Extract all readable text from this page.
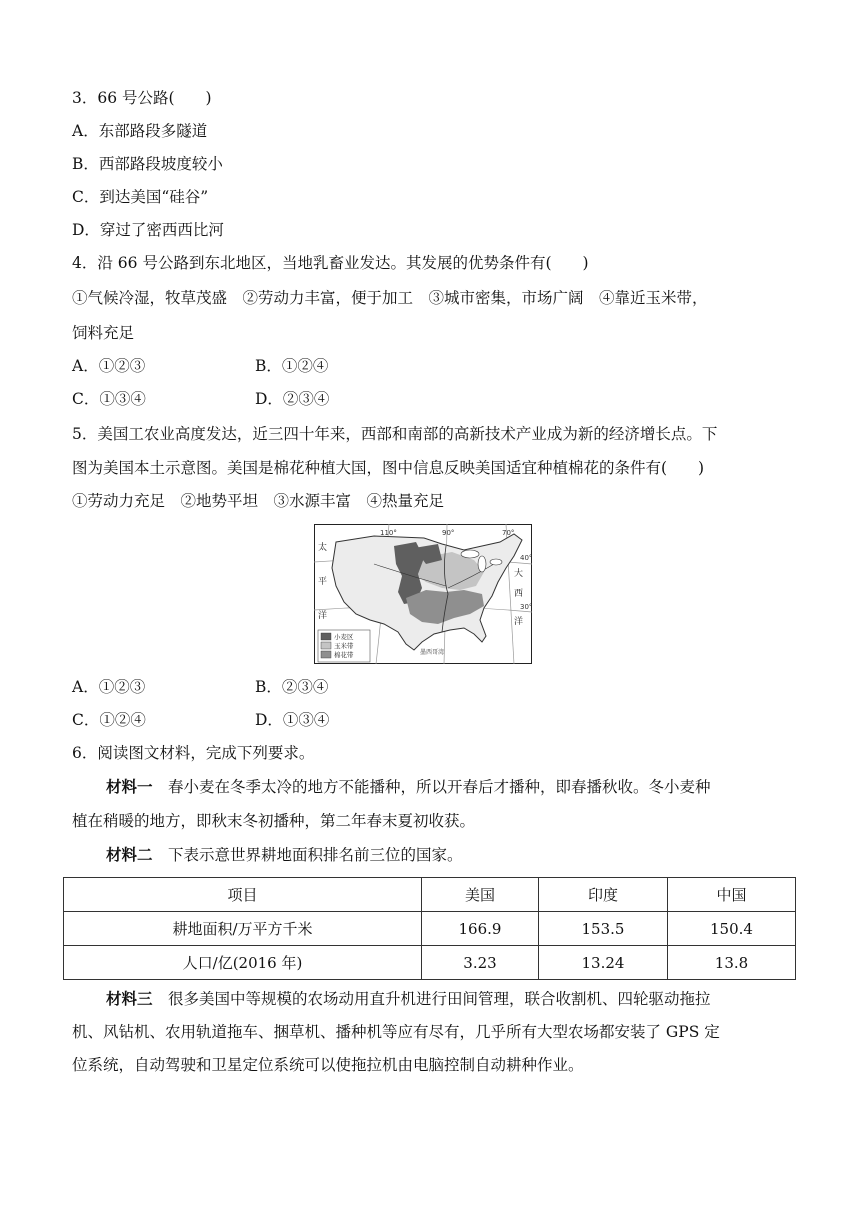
3．66 号公路(　　)
A．东部路段多隧道
B．西部路段坡度较小
C．到达美国“硅谷”
D．穿过了密西西比河
4．沿 66 号公路到东北地区，当地乳畜业发达。其发展的优势条件有(　　)
①气候冷湿，牧草茂盛　②劳动力丰富，便于加工　③城市密集，市场广阔　④靠近玉米带，
饲料充足
A．①②③	B．①②④
C．①③④	D．②③④
5．美国工农业高度发达，近三四十年来，西部和南部的高新技术产业成为新的经济增长点。下
图为美国本土示意图。美国是棉花种植大国，图中信息反映美国适宜种植棉花的条件有(　　)
①劳动力充足　②地势平坦　③水源丰富　④热量充足
110°	90°	70°
40°
30°
太
平
洋
大
西
洋
墨西哥湾
小麦区
玉米带
棉花带
A．①②③	B．②③④
C．①②④	D．①③④
6．阅读图文材料，完成下列要求。
材料一　春小麦在冬季太冷的地方不能播种，所以开春后才播种，即春播秋收。冬小麦种
植在稍暖的地方，即秋末冬初播种，第二年春末夏初收获。
材料二　下表示意世界耕地面积排名前三位的国家。
项目	美国	印度	中国
耕地面积/万平方千米	166.9	153.5	150.4
人口/亿(2016 年)	3.23	13.24	13.8
材料三　很多美国中等规模的农场动用直升机进行田间管理，联合收割机、四轮驱动拖拉
机、风钻机、农用轨道拖车、捆草机、播种机等应有尽有，几乎所有大型农场都安装了 GPS 定
位系统，自动驾驶和卫星定位系统可以使拖拉机由电脑控制自动耕种作业。
